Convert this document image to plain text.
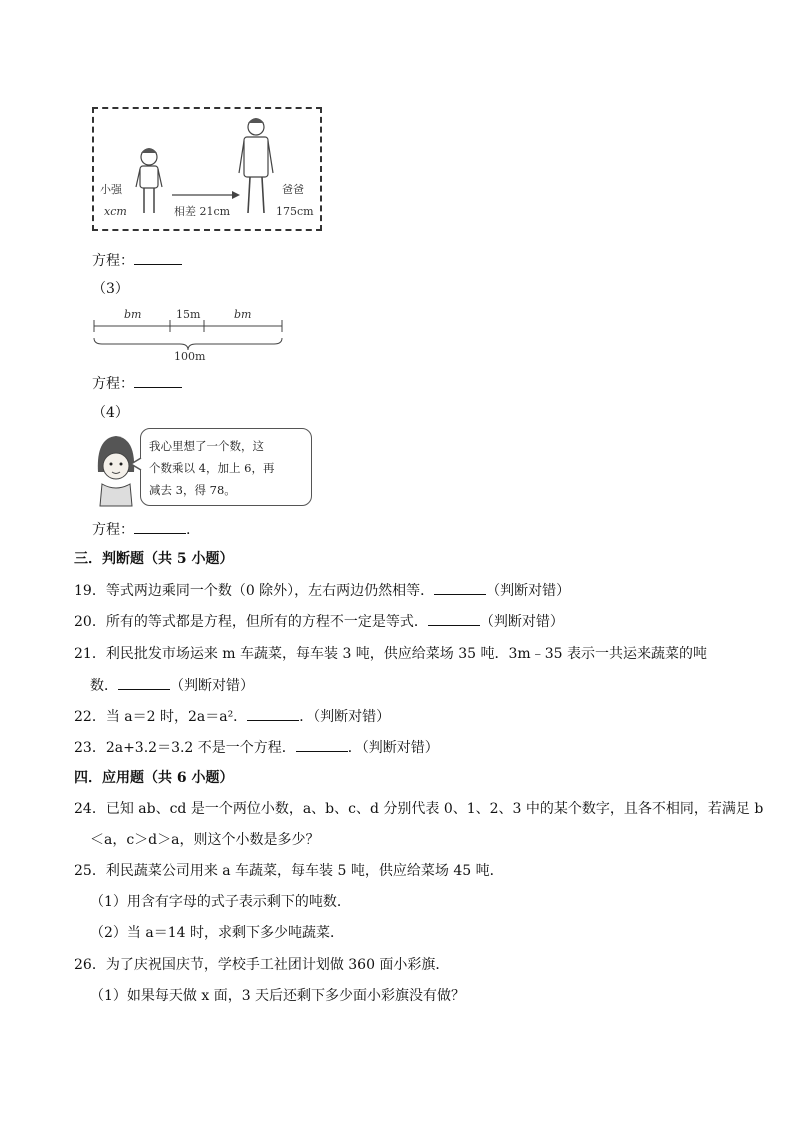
小强
xcm	相差 21cm
爸爸
175cm
方程：
（3）
bm	15m	bm
100m
方程：
（4）
我心里想了一个数，这
个数乘以 4，加上 6，再
减去 3，得 78。
方程：	.
三．判断题（共 5 小题）
19．等式两边乘同一个数（0 除外），左右两边仍然相等．	（判断对错）
20．所有的等式都是方程，但所有的方程不一定是等式．	（判断对错）
21．利民批发市场运来 m 车蔬菜，每车装 3 吨，供应给菜场 35 吨．3m﹣35 表示一共运来蔬菜的吨
数．	（判断对错）
22．当 a＝2 时，2a＝a²．	．（判断对错）
23．2a+3.2＝3.2 不是一个方程．	．（判断对错）
四．应用题（共 6 小题）
24．已知 ab、cd 是一个两位小数，a、b、c、d 分别代表 0、1、2、3 中的某个数字，且各不相同，若满足 b
＜a，c＞d＞a，则这个小数是多少？
25．利民蔬菜公司用来 a 车蔬菜，每车装 5 吨，供应给菜场 45 吨．
（1）用含有字母的式子表示剩下的吨数．
（2）当 a＝14 时，求剩下多少吨蔬菜．
26．为了庆祝国庆节，学校手工社团计划做 360 面小彩旗．
（1）如果每天做 x 面，3 天后还剩下多少面小彩旗没有做？
